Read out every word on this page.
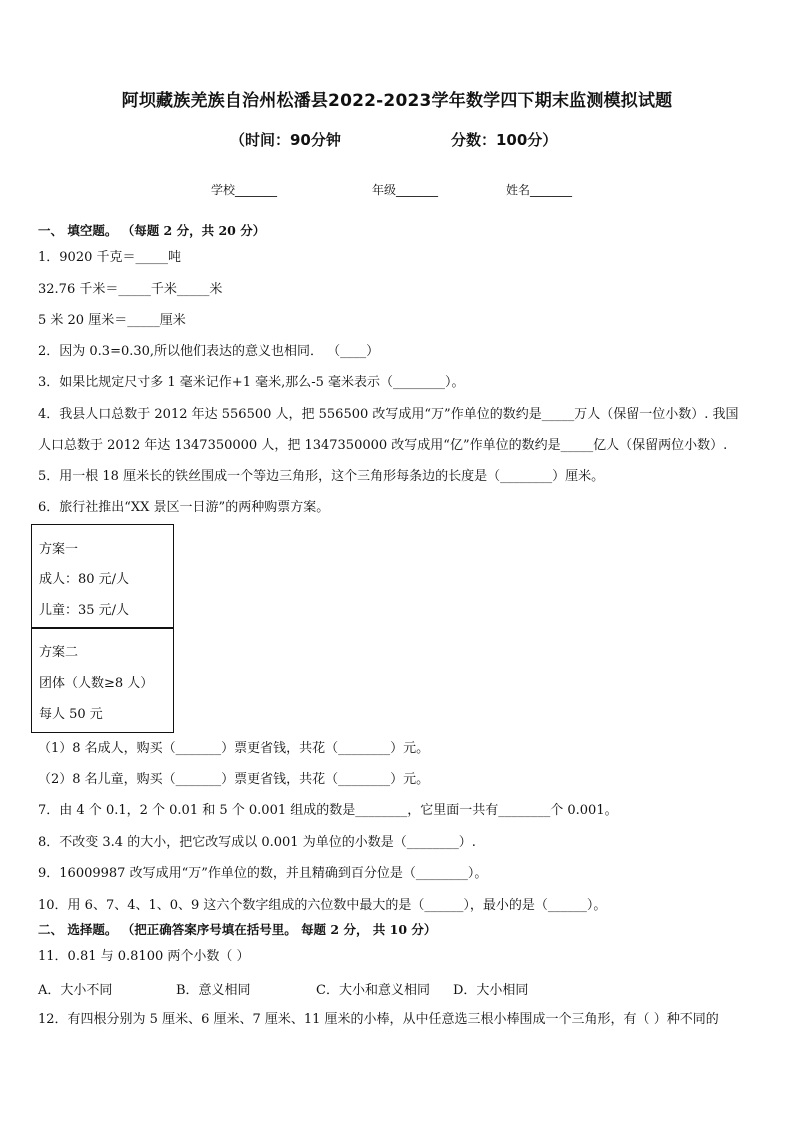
阿坝藏族羌族自治州松潘县2022-2023学年数学四下期末监测模拟试题
（时间：90分钟	分数：100分）
学校_______	年级_______	姓名_______
一、 填空题。 （每题 2 分，共 20 分）
1．9020 千克＝_____吨
32.76 千米＝_____千米_____米
5 米 20 厘米＝_____厘米
2．因为 0.3=0.30,所以他们表达的意义也相同． （____）
3．如果比规定尺寸多 1 毫米记作+1 毫米,那么-5 毫米表示（________）。
4．我县人口总数于 2012 年达 556500 人，把 556500 改写成用“万”作单位的数约是_____万人（保留一位小数）. 我国
人口总数于 2012 年达 1347350000 人，把 1347350000 改写成用“亿”作单位的数约是_____亿人（保留两位小数）.
5．用一根 18 厘米长的铁丝围成一个等边三角形，这个三角形每条边的长度是（________）厘米。
6．旅行社推出“XX 景区一日游”的两种购票方案。
方案一
成人：80 元/人
儿童：35 元/人
方案二
团体（人数≥8 人）
每人 50 元
（1）8 名成人，购买（_______）票更省钱，共花（________）元。
（2）8 名儿童，购买（_______）票更省钱，共花（________）元。
7．由 4 个 0.1，2 个 0.01 和 5 个 0.001 组成的数是________，它里面一共有________个 0.001。
8．不改变 3.4 的大小，把它改写成以 0.001 为单位的小数是（________）.
9．16009987 改写成用“万”作单位的数，并且精确到百分位是（________）。
10．用 6、7、4、1、0、9 这六个数字组成的六位数中最大的是（______），最小的是（______）。
二、 选择题。 （把正确答案序号填在括号里。 每题 2 分， 共 10 分）
11．0.81 与 0.8100 两个小数（ ）
A．大小不同	B．意义相同	C．大小和意义相同 D．大小相同
12．有四根分别为 5 厘米、6 厘米、7 厘米、11 厘米的小棒，从中任意选三根小棒围成一个三角形，有（ ）种不同的
